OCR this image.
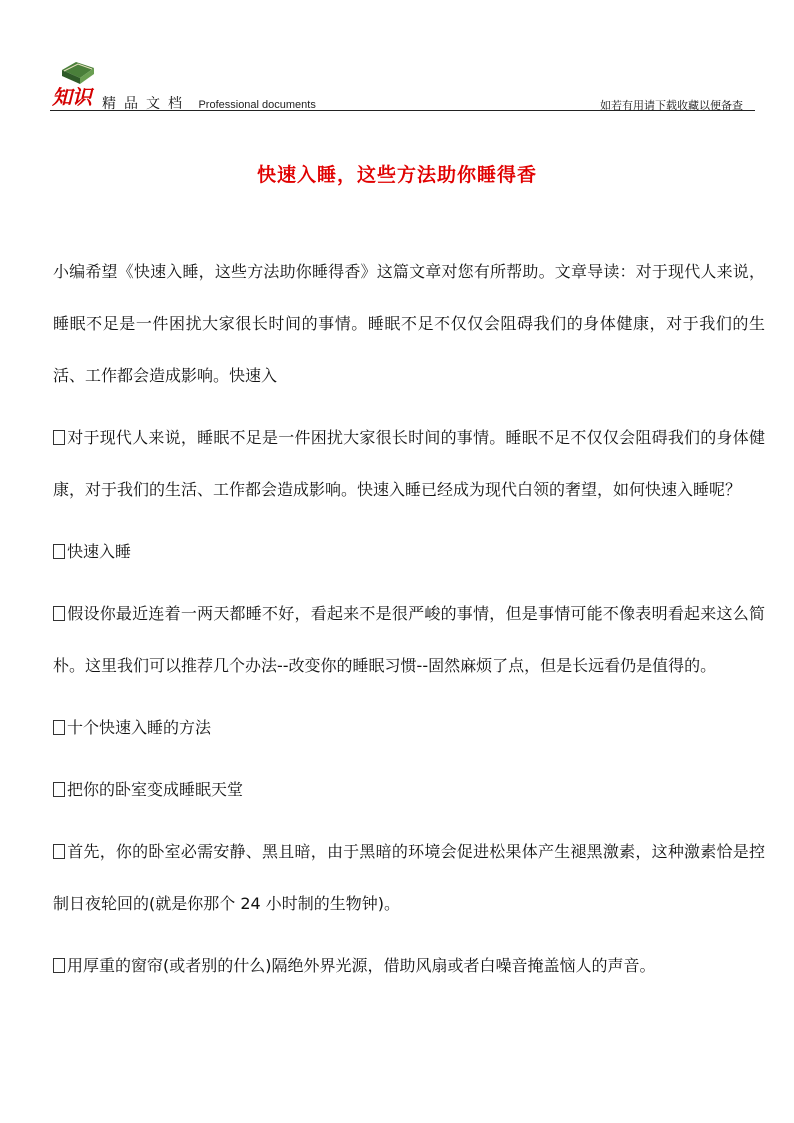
知识 精品文档 Professional documents	如若有用请下载收藏以便备查
快速入睡，这些方法助你睡得香

小编希望《快速入睡，这些方法助你睡得香》这篇文章对您有所帮助。文章导读：对于现代人来说，睡眠不足是一件困扰大家很长时间的事情。睡眠不足不仅仅会阻碍我们的身体健康，对于我们的生活、工作都会造成影响。快速入

对于现代人来说，睡眠不足是一件困扰大家很长时间的事情。睡眠不足不仅仅会阻碍我们的身体健康，对于我们的生活、工作都会造成影响。快速入睡已经成为现代白领的奢望，如何快速入睡呢？

快速入睡

假设你最近连着一两天都睡不好，看起来不是很严峻的事情，但是事情可能不像表明看起来这么简朴。这里我们可以推荐几个办法--改变你的睡眠习惯--固然麻烦了点，但是长远看仍是值得的。

十个快速入睡的方法

把你的卧室变成睡眠天堂

首先，你的卧室必需安静、黑且暗，由于黑暗的环境会促进松果体产生褪黑激素，这种激素恰是控制日夜轮回的(就是你那个 24 小时制的生物钟)。

用厚重的窗帘(或者别的什么)隔绝外界光源，借助风扇或者白噪音掩盖恼人的声音。
